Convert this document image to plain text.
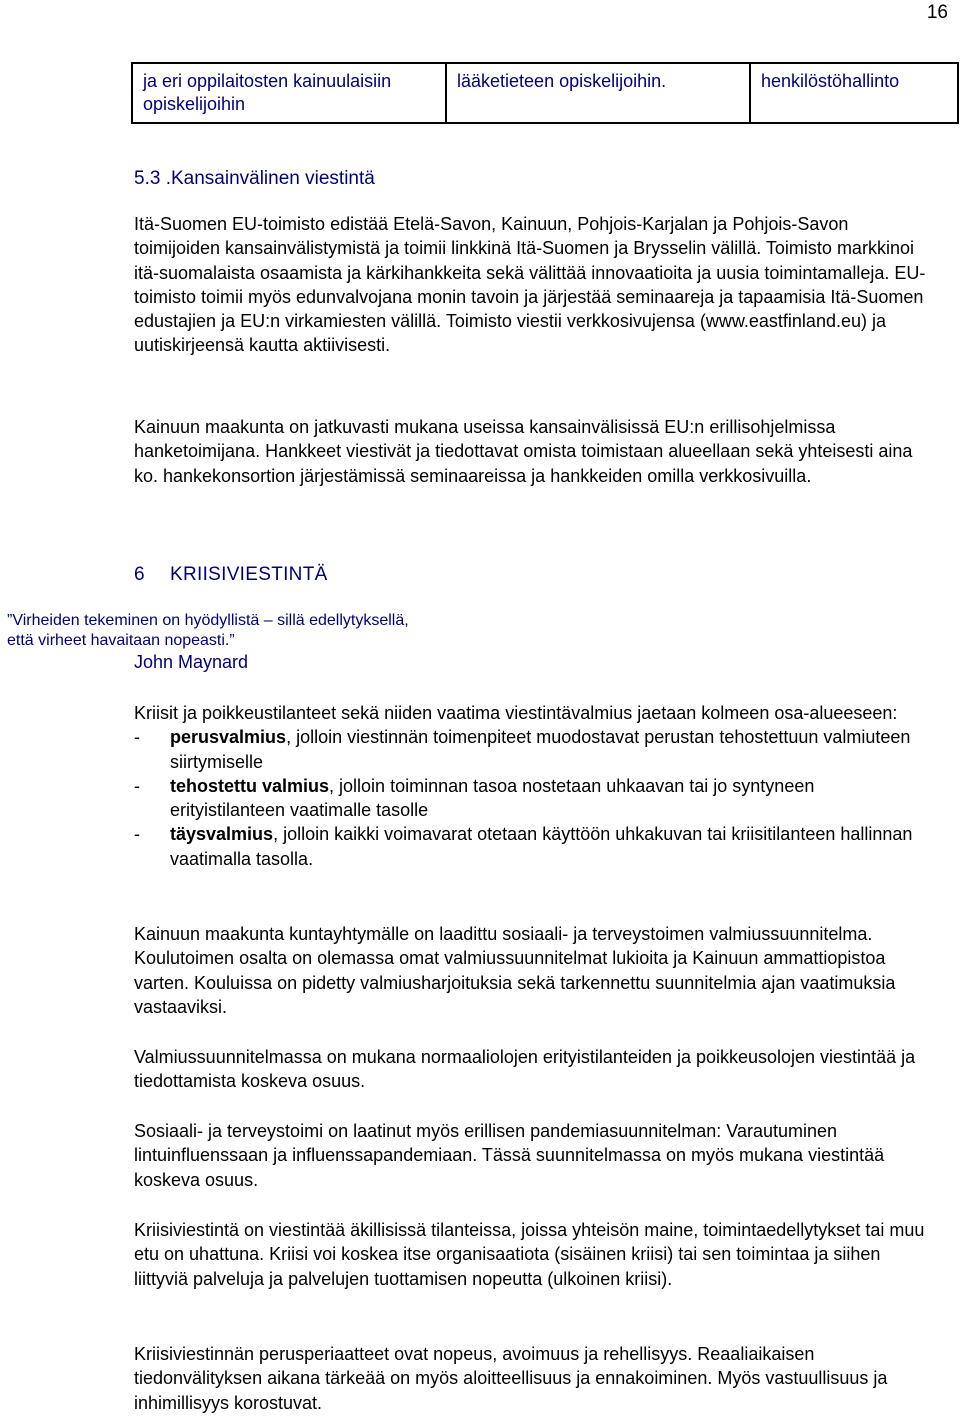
16
ja eri oppilaitosten kainuulaisiin opiskelijoihin	lääketieteen opiskelijoihin.	henkilöstöhallinto
5.3 .Kansainvälinen viestintä
Itä-Suomen EU-toimisto edistää Etelä-Savon, Kainuun, Pohjois-Karjalan ja Pohjois-Savon toimijoiden kansainvälistymistä ja toimii linkkinä Itä-Suomen ja Brysselin välillä. Toimisto markkinoi itä-suomalaista osaamista ja kärkihankkeita sekä välittää innovaatioita ja uusia toimintamalleja. EU-toimisto toimii myös edunvalvojana monin tavoin ja järjestää seminaareja ja tapaamisia Itä-Suomen edustajien ja EU:n virkamiesten välillä. Toimisto viestii verkkosivujensa (www.eastfinland.eu) ja uutiskirjeensä kautta aktiivisesti.
Kainuun maakunta on jatkuvasti mukana useissa kansainvälisissä EU:n erillisohjelmissa hanketoimijana. Hankkeet viestivät ja tiedottavat omista toimistaan alueellaan sekä yhteisesti aina ko. hankekonsortion järjestämissä seminaareissa ja hankkeiden omilla verkkosivuilla.
6 KRIISIVIESTINTÄ
”Virheiden tekeminen on hyödyllistä – sillä edellytyksellä,
että virheet havaitaan nopeasti.”
John Maynard
Kriisit ja poikkeustilanteet sekä niiden vaatima viestintävalmius jaetaan kolmeen osa-alueeseen:
- perusvalmius, jolloin viestinnän toimenpiteet muodostavat perustan tehostettuun valmiuteen siirtymiselle
- tehostettu valmius, jolloin toiminnan tasoa nostetaan uhkaavan tai jo syntyneen erityistilanteen vaatimalle tasolle
- täysvalmius, jolloin kaikki voimavarat otetaan käyttöön uhkakuvan tai kriisitilanteen hallinnan vaatimalla tasolla.
Kainuun maakunta kuntayhtymälle on laadittu sosiaali- ja terveystoimen valmiussuunnitelma. Koulutoimen osalta on olemassa omat valmiussuunnitelmat lukioita ja Kainuun ammattiopistoa varten. Kouluissa on pidetty valmiusharjoituksia sekä tarkennettu suunnitelmia ajan vaatimuksia vastaaviksi.
Valmiussuunnitelmassa on mukana normaaliolojen erityistilanteiden ja poikkeusolojen viestintää ja tiedottamista koskeva osuus.
Sosiaali- ja terveystoimi on laatinut myös erillisen pandemiasuunnitelman: Varautuminen lintuinfluenssaan ja influenssapandemiaan. Tässä suunnitelmassa on myös mukana viestintää koskeva osuus.
Kriisiviestintä on viestintää äkillisissä tilanteissa, joissa yhteisön maine, toimintaedellytykset tai muu etu on uhattuna. Kriisi voi koskea itse organisaatiota (sisäinen kriisi) tai sen toimintaa ja siihen liittyviä palveluja ja palvelujen tuottamisen nopeutta (ulkoinen kriisi).
Kriisiviestinnän perusperiaatteet ovat nopeus, avoimuus ja rehellisyys. Reaaliaikaisen tiedonvälityksen aikana tärkeää on myös aloitteellisuus ja ennakoiminen. Myös vastuullisuus ja inhimillisyys korostuvat.
